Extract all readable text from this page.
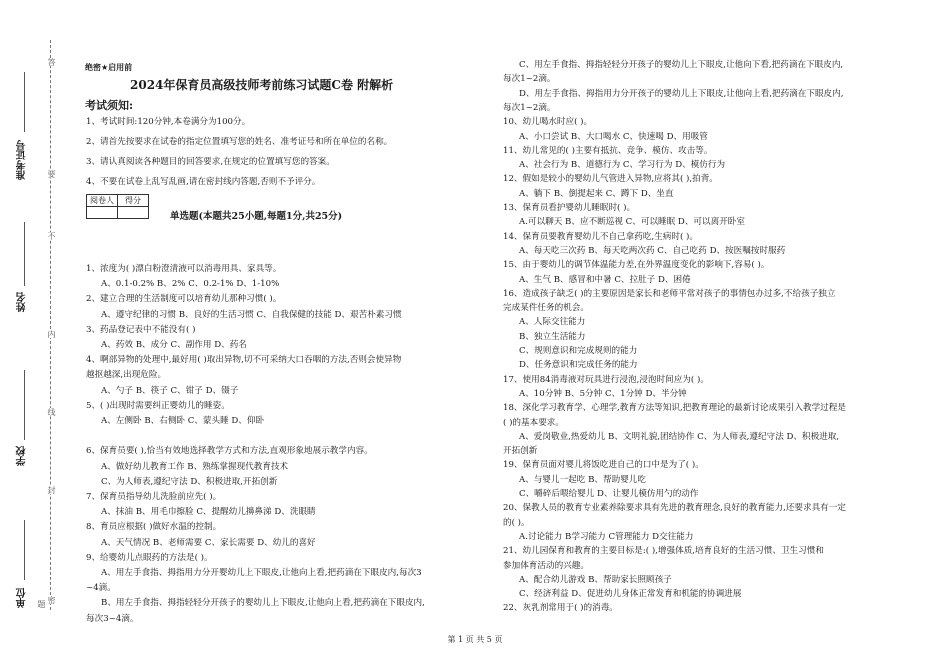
准考证号
姓名
学校
单位 密
封
线
内
不
要
答
题
绝密★启用前
2024年保育员高级技师考前练习试题C卷 附解析
考试须知:
1、考试时间:120分钟,本卷满分为100分。
2、请首先按要求在试卷的指定位置填写您的姓名、准考证号和所在单位的名称。
3、请认真阅读各种题目的回答要求,在规定的位置填写您的答案。
4、不要在试卷上乱写乱画,请在密封线内答题,否则不予评分。
阅卷人	得分

单选题(本题共25小题,每题1分,共25分)
1、浓度为( )漂白粉澄清液可以消毒用具、家具等。
A、0.1-0.2% B、2% C、0.2-1% D、1-10%
2、建立合理的生活制度可以培育幼儿那种习惯( )。
A、遵守纪律的习惯 B、良好的生活习惯 C、自我保健的技能 D、艰苦朴素习惯
3、药品登记表中不能没有( )
A、药效 B、成分 C、副作用 D、药名
4、啊部异物的处理中,最好用( )取出异物,切不可采纳大口吞咽的方法,否则会使异物
越抠越深,出现危险。
A、勺子 B、筷子 C、钳子 D、镊子
5、( )出现时需要纠正婴幼儿的睡姿。
A、左侧卧 B、右侧卧 C、蒙头睡 D、仰卧
6、保育员要( ),恰当有效地选择教学方式和方法,直观形象地展示教学内容。
A、做好幼儿教育工作 B、熟练掌握现代教育技术
C、为人师表,遵纪守法 D、积极进取,开拓创新
7、保育员指导幼儿洗脸前应先( )。
A、抹油 B、用毛巾擦脸 C、提醒幼儿擤鼻涕 D、洗眼睛
8、育员应根据( )做好水温的控制。
A、天气情况 B、老师需要 C、家长需要 D、幼儿的喜好
9、给婴幼儿点眼药的方法是( )。
A、用左手食指、拇指用力分开婴幼儿上下眼皮,让他向上看,把药滴在下眼皮内,每次3
~4滴。
B、用左手食指、拇指轻轻分开孩子的婴幼儿上下眼皮,让他向上看,把药滴在下眼皮内,
每次3~4滴。
C、用左手食指、拇指轻轻分开孩子的婴幼儿上下眼皮,让他向下看,把药滴在下眼皮内,
每次1~2滴。
D、用左手食指、拇指用力分开孩子的婴幼儿上下眼皮,让他向上看,把药滴在下眼皮内,
每次1~2滴。
10、幼儿喝水时应( )。
A、小口尝试 B、大口喝水 C、快速喝 D、用吸管
11、幼儿常见的( )主要有抵抗、竞争、模仿、攻击等。
A、社会行为 B、道德行为 C、学习行为 D、模仿行为
12、假如是较小的婴幼儿气管进入异物,应将其( ),拍背。
A、躺下 B、倒提起来 C、蹲下 D、坐直
13、保育员看护婴幼儿睡眠时( )。
A.可以聊天 B、应不断巡视 C、可以睡眠 D、可以离开卧室
14、保育员要教育婴幼儿不自己拿药吃,生病时( )。
A、每天吃三次药 B、每天吃两次药 C、自己吃药 D、按医嘱按时服药
15、由于婴幼儿的调节体温能力差,在外界温度变化的影响下,容易( )。
A、生气 B、感冒和中暑 C、拉肚子 D、困倦
16、造成孩子缺乏( )的主要原因是家长和老师平常对孩子的事情包办过多,不给孩子独立
完成某件任务的机会。
A、人际交往能力
B、独立生活能力
C、规则意识和完成规则的能力
D、任务意识和完成任务的能力
17、使用84消毒液对玩具进行浸泡,浸泡时间应为( )。
A、10分钟 B、5分钟 C、1分钟 D、半分钟
18、深化学习教育学、心理学,教育方法等知识,把教育理论的最新讨论成果引入教学过程是
( )的基本要求。
A、爱岗敬业,热爱幼儿 B、文明礼貌,团结协作 C、为人师表,遵纪守法 D、积极进取,
开拓创新
19、保育员面对婴儿将饭吃进自己的口中是为了( )。
A、与婴儿一起吃 B、帮助婴儿吃
C、嚼碎后喂给婴儿 D、让婴儿模仿用勺的动作
20、保教人员的教育专业素养除要求具有先进的教育理念,良好的教育能力,还要求具有一定
的( )。
A.讨论能力 B学习能力 C管理能力 D交往能力
21、幼儿园保育和教育的主要目标是:( ),增强体质,培育良好的生活习惯、卫生习惯和
参加体育活动的兴趣。
A、配合幼儿游戏 B、帮助家长照顾孩子
C、经济利益 D、促进幼儿身体正常发育和机能的协调进展
22、灰乳剂常用于( )的消毒。
第 1 页 共 5 页
